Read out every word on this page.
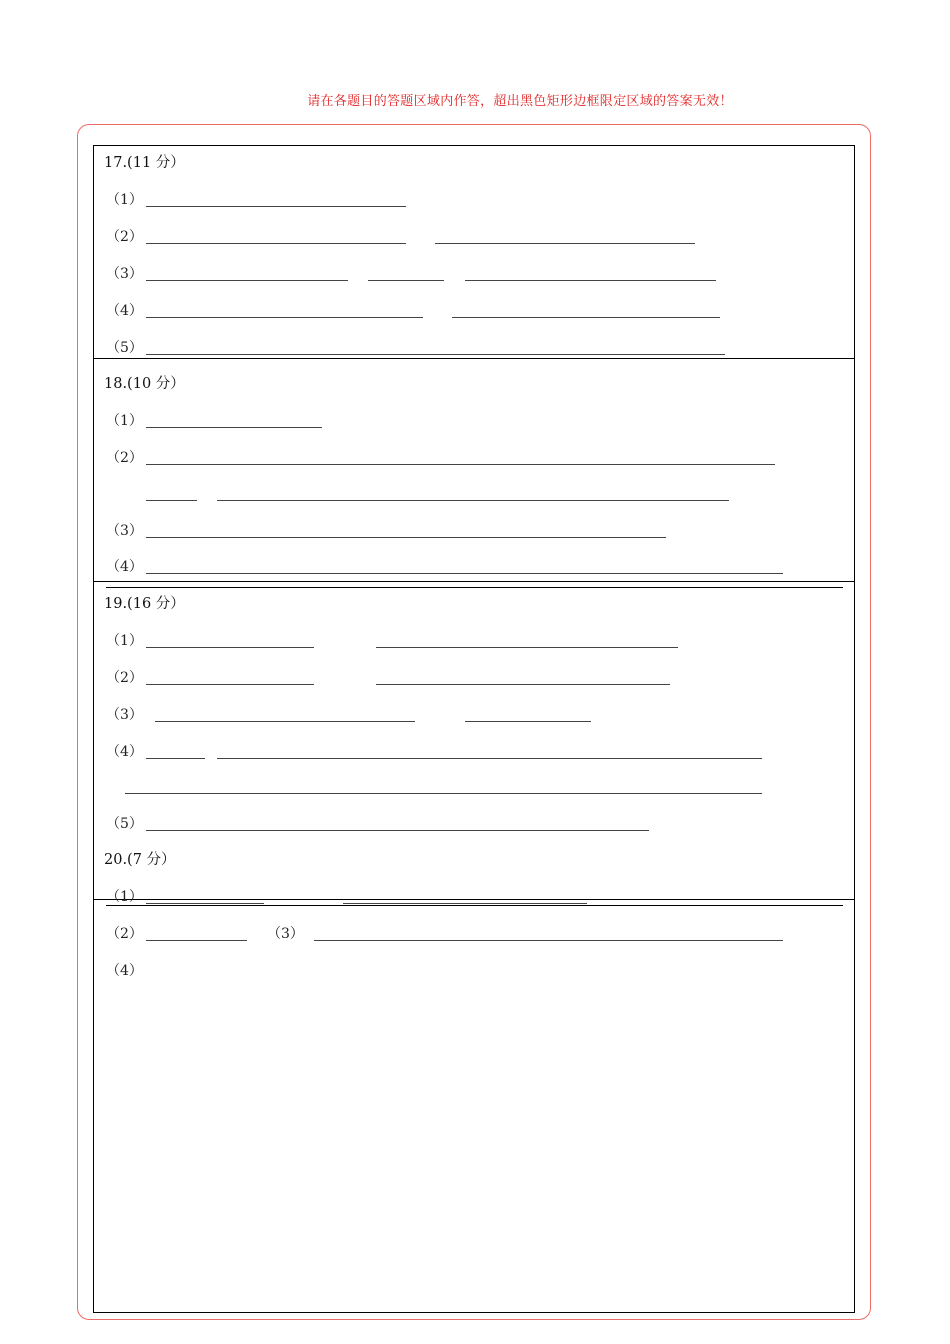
请在各题目的答题区域内作答，超出黑色矩形边框限定区域的答案无效！
17.(11 分）
（1）
（2）
（3）
（4）
（5）
18.(10 分）
（1）
（2）
（3）
（4）
19.(16 分）
（1）
（2）
（3）
（4）
（5）
20.(7 分）
（1）
（2）	（3）
（4）
